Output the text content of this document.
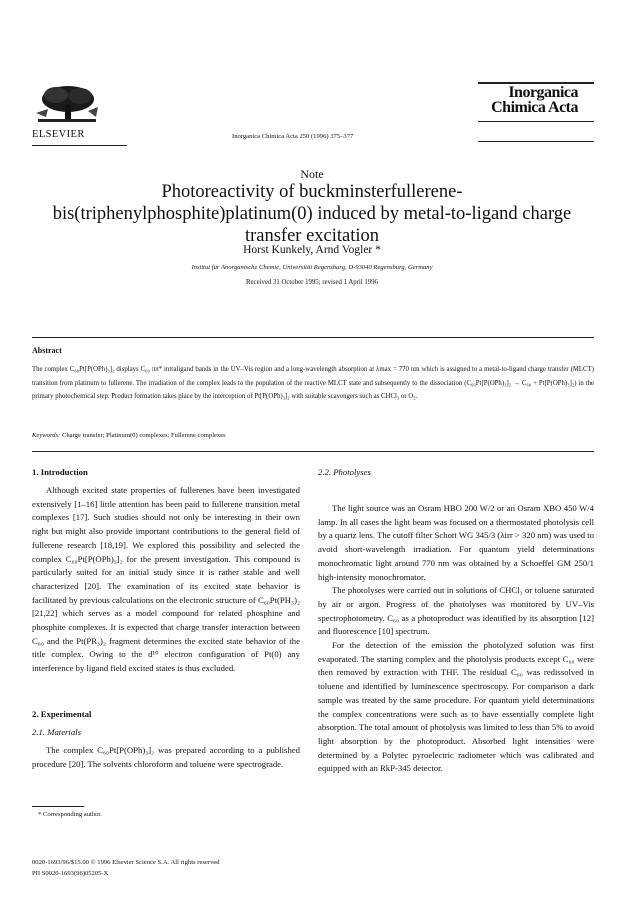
ELSEVIER	Inorganica Chimica Acta 250 (1996) 375–377
Inorganica
Chimica Acta
Note
Photoreactivity of buckminsterfullerene-bis(triphenylphosphite)platinum(0) induced by metal-to-ligand charge transfer excitation
Horst Kunkely, Arnd Vogler *
Institut für Anorganische Chemie, Universität Regensburg, D-93040 Regensburg, Germany
Received 31 October 1995; revised 1 April 1996
Abstract
The complex C₆₀Pt[P(OPh)₃]₂ displays C₆₀ ππ* intraligand bands in the UV–Vis region and a long-wavelength absorption at λmax = 770 nm which is assigned to a metal-to-ligand charge transfer (MLCT) transition from platinum to fullerene. The irradiation of the complex leads to the population of the reactive MLCT state and subsequently to the dissociation (C₆₀Pt[P(OPh)₃]₂ → C₆₀ + Pt[P(OPh)₃]₂) in the primary photochemical step. Product formation takes place by the interception of Pt[P(OPh)₃]₂ with suitable scavengers such as CHCl₃ or O₂.
Keywords: Charge transfer; Platinum(0) complexes; Fullerene complexes
1. Introduction

Although excited state properties of fullerenes have been investigated extensively [1–16] little attention has been paid to fullerene transition metal complexes [17]. Such studies should not only be interesting in their own right but might also provide important contributions to the general field of fullerene research [18,19]. We explored this possibility and selected the complex C₆₀Pt[P(OPh)₃]₂ for the present investigation. This compound is particularly suited for an initial study since it is rather stable and well characterized [20]. The examination of its excited state behavior is facilitated by previous calculations on the electronic structure of C₆₀Pt(PH₃)₂ [21,22] which serves as a model compound for related phosphine and phosphite complexes. It is expected that charge transfer interaction between C₆₀ and the Pt(PR₃)₂ fragment determines the excited state behavior of the title complex. Owing to the d¹⁰ electron configuration of Pt(0) any interference by ligand field excited states is thus excluded.

2. Experimental
2.1. Materials

The complex C₆₀Pt[P(OPh)₃]₂ was prepared according to a published procedure [20]. The solvents chloroform and toluene were spectrograde.

* Corresponding author.
0020-1693/96/$15.00 © 1996 Elsevier Science S.A. All rights reserved
PII S0020-1693(96)05205-X
2.2. Photolyses

The light source was an Osram HBO 200 W/2 or an Osram XBO 450 W/4 lamp. In all cases the light beam was focused on a thermostated photolysis cell by a quartz lens. The cutoff filter Schott WG 345/3 (λirr > 320 nm) was used to avoid short-wavelength irradiation. For quantum yield determinations monochromatic light around 770 nm was obtained by a Schoeffel GM 250/1 high-intensity monochromator.

The photolyses were carried out in solutions of CHCl₃ or toluene saturated by air or argon. Progress of the photolyses was monitored by UV–Vis spectrophotometry. C₆₀ as a photoproduct was identified by its absorption [12] and fluorescence [10] spectrum.

For the detection of the emission the photolyzed solution was first evaporated. The starting complex and the photolysis products except C₆₀ were then removed by extraction with THF. The residual C₆₀ was redissolved in toluene and identified by luminescence spectroscopy. For comparison a dark sample was treated by the same procedure. For quantum yield determinations the complex concentrations were such as to have essentially complete light absorption. The total amount of photolysis was limited to less than 5% to avoid light absorption by the photoproduct. Absorbed light intensities were determined by a Polytec pyroelectric radiometer which was calibrated and equipped with an RkP-345 detector.
